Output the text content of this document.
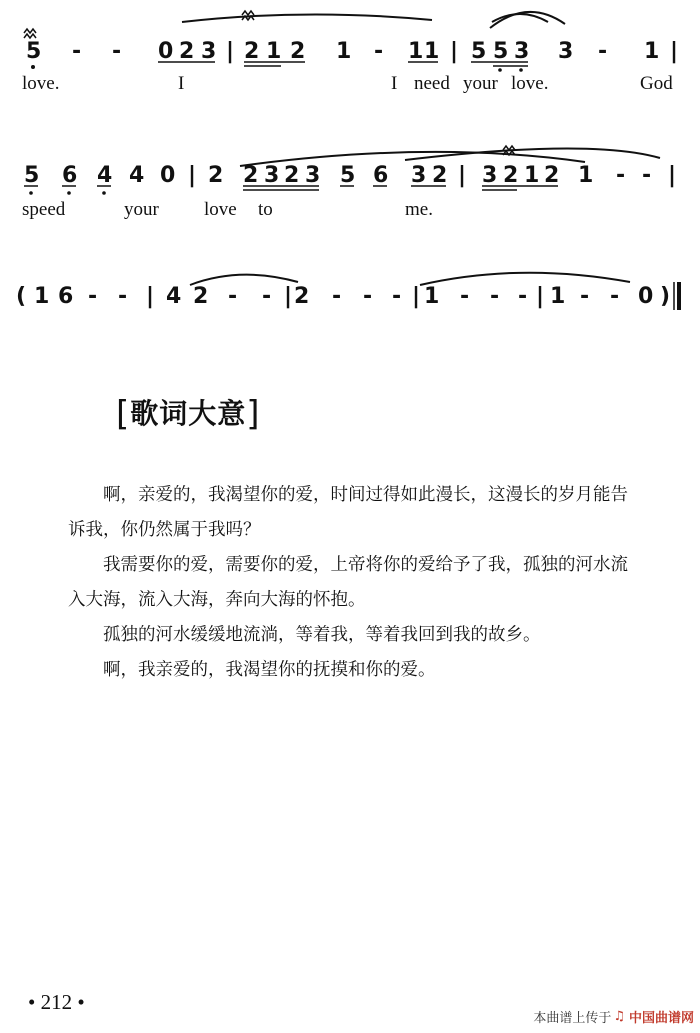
5 - - 0 2 3 | 2 1 2 1 - 1 1 | 5 5 3 3 - 1 |
love.	I	I need your love.	God
5 6 4 4 0 | 2 2 3 2 3 5 6 3 2 | 3 2 1 2 1 - - |
speed	your love to	me.
( 1 6 - - | 4 2 - - | 2 - - - | 1 - - - | 1 - - 0 )
[歌词大意]

啊，亲爱的，我渴望你的爱，时间过得如此漫长，这漫长的岁月能告诉我，你仍然属于我吗？

我需要你的爱，需要你的爱，上帝将你的爱给予了我，孤独的河水流入大海，流入大海，奔向大海的怀抱。

孤独的河水缓缓地流淌，等着我，等着我回到我的故乡。

啊，我亲爱的，我渴望你的抚摸和你的爱。

• 212 •
本曲谱上传于 ♫ 中国曲谱网
